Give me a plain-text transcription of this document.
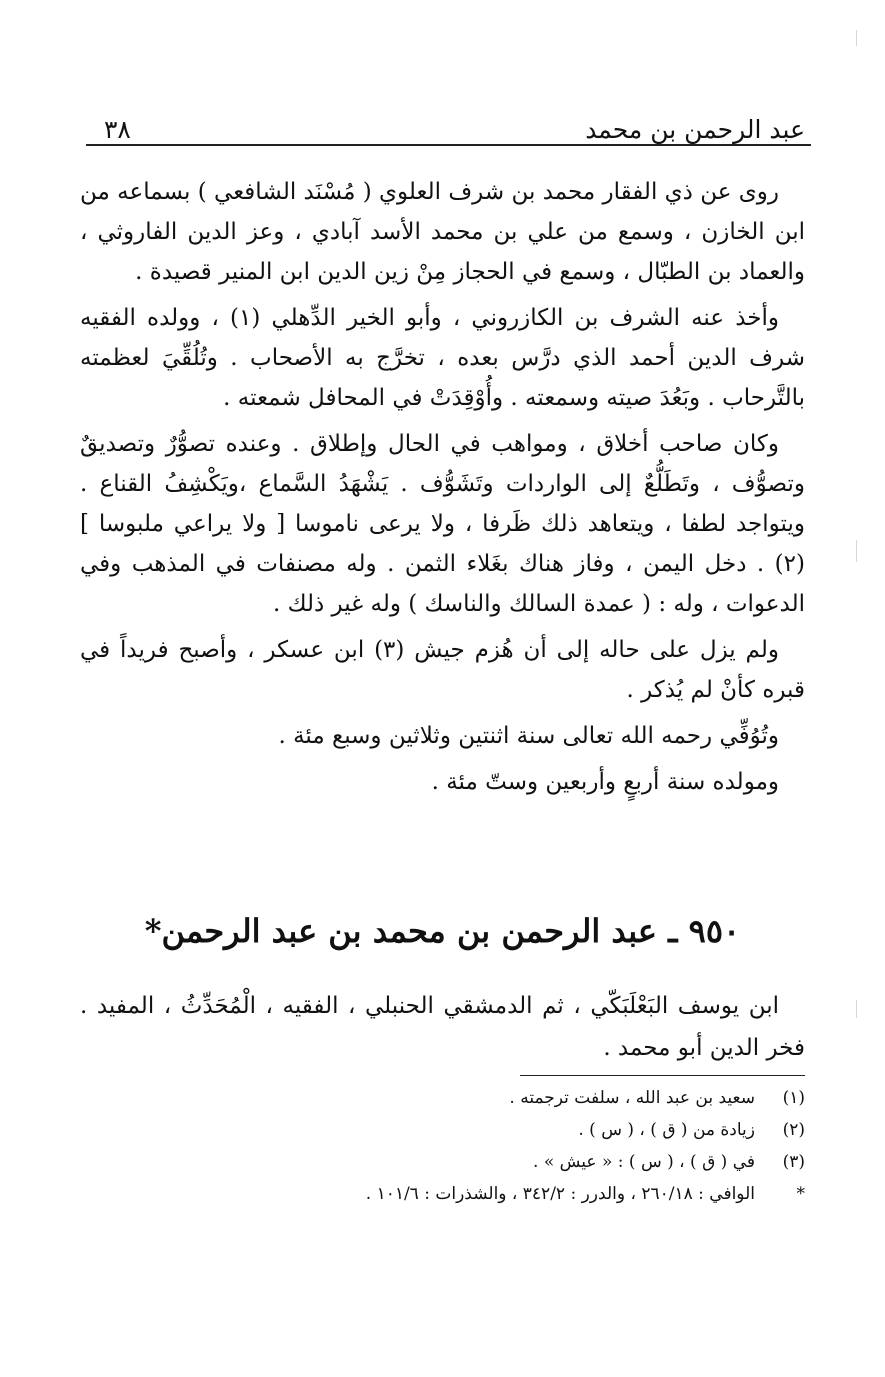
عبد الرحمن بن محمد
٣٨

روى عن ذي الفقار محمد بن شرف العلوي ( مُسْنَد الشافعي ) بسماعه من ابن الخازن ، وسمع من علي بن محمد الأسد آبادي ، وعز الدين الفاروثي ، والعماد بن الطبّال ، وسمع في الحجاز مِنْ زين الدين ابن المنير قصيدة .

وأخذ عنه الشرف بن الكازروني ، وأبو الخير الدِّهلي (١) ، وولده الفقيه شرف الدين أحمد الذي درَّس بعده ، تخرَّج به الأصحاب . وتُلُقِّيَ لعظمته بالتَّرحاب . وبَعُدَ صيته وسمعته . وأُوْقِدَتْ في المحافل شمعته .

وكان صاحب أخلاق ، ومواهب في الحال وإطلاق . وعنده تصوُّرٌ وتصديقٌ وتصوُّف ، وتَطَلُّعٌ إلى الواردات وتَشَوُّف . يَشْهَدُ السَّماع ،ويَكْشِفُ القناع . ويتواجد لطفا ، ويتعاهد ذلك ظَرفا ، ولا يرعى ناموسا [ ولا يراعي ملبوسا ] (٢) . دخل اليمن ، وفاز هناك بغَلاء الثمن . وله مصنفات في المذهب وفي الدعوات ، وله : ( عمدة السالك والناسك ) وله غير ذلك .

ولم يزل على حاله إلى أن هُزم جيش (٣) ابن عسكر ، وأصبح فريداً في قبره كأنْ لم يُذكر .

وتُوُفِّي رحمه الله تعالى سنة اثنتين وثلاثين وسبع مئة .

ومولده سنة أربعٍ وأربعين وستّ مئة .

٩٥٠ ـ عبد الرحمن بن محمد بن عبد الرحمن*

ابن يوسف البَعْلَبَكّي ، ثم الدمشقي الحنبلي ، الفقيه ، الْمُحَدِّثُ ، المفيد . فخر الدين أبو محمد .

(١)
سعيد بن عبد الله ، سلفت ترجمته .
(٢)
زيادة من ( ق ) ، ( س ) .
(٣)
في ( ق ) ، ( س ) : « عيش » .
*
الوافي : ٢٦٠/١٨ ، والدرر : ٣٤٢/٢ ، والشذرات : ١٠١/٦ .
